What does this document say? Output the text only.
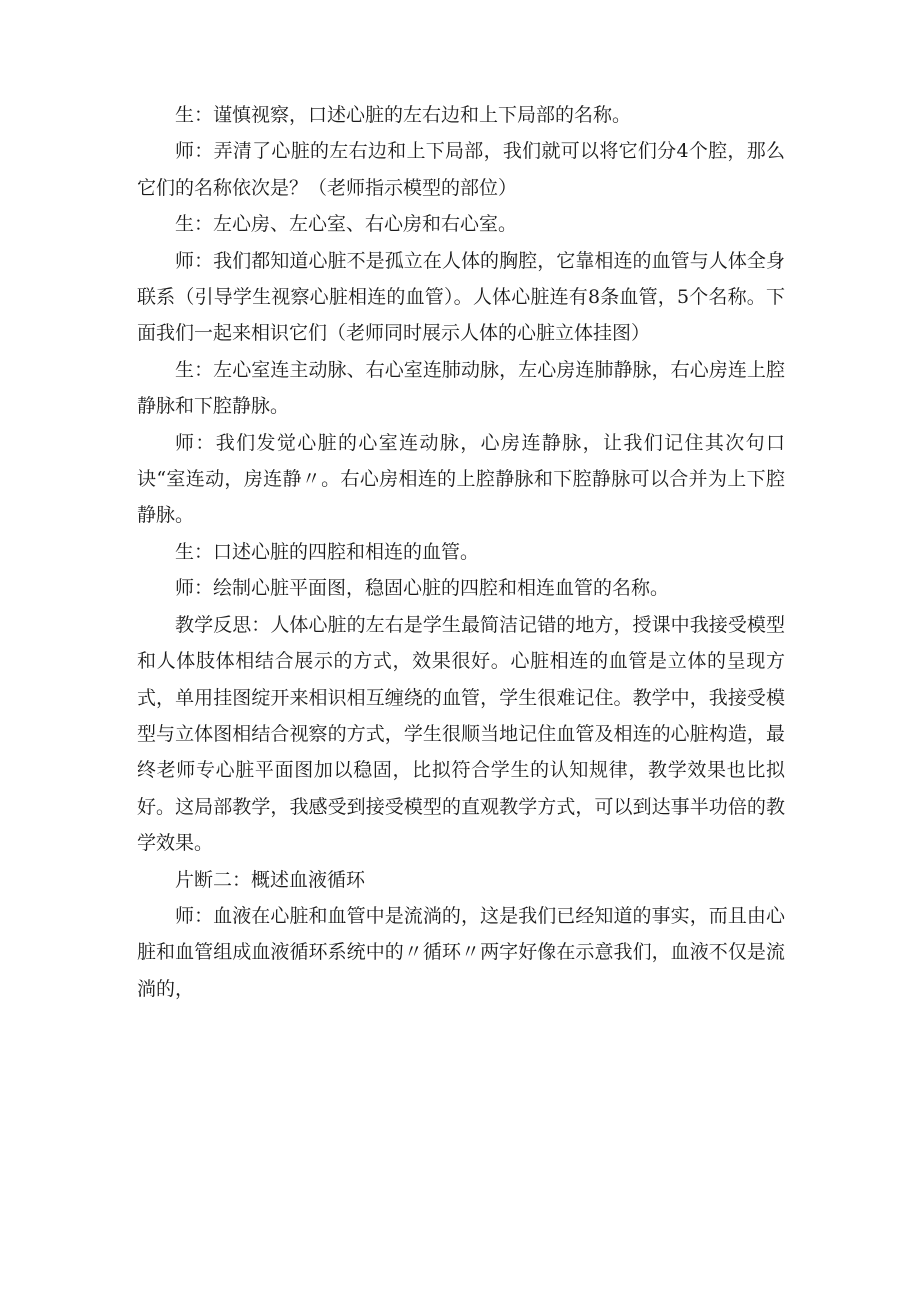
生：谨慎视察，口述心脏的左右边和上下局部的名称。

师：弄清了心脏的左右边和上下局部，我们就可以将它们分4个腔，那么它们的名称依次是？（老师指示模型的部位）

生：左心房、左心室、右心房和右心室。

师：我们都知道心脏不是孤立在人体的胸腔，它靠相连的血管与人体全身联系（引导学生视察心脏相连的血管）。人体心脏连有8条血管，5个名称。下面我们一起来相识它们（老师同时展示人体的心脏立体挂图）

生：左心室连主动脉、右心室连肺动脉，左心房连肺静脉，右心房连上腔静脉和下腔静脉。

师：我们发觉心脏的心室连动脉，心房连静脉，让我们记住其次句口诀“室连动，房连静〃。右心房相连的上腔静脉和下腔静脉可以合并为上下腔静脉。

生：口述心脏的四腔和相连的血管。

师：绘制心脏平面图，稳固心脏的四腔和相连血管的名称。

教学反思：人体心脏的左右是学生最简洁记错的地方，授课中我接受模型和人体肢体相结合展示的方式，效果很好。心脏相连的血管是立体的呈现方式，单用挂图绽开来相识相互缠绕的血管，学生很难记住。教学中，我接受模型与立体图相结合视察的方式，学生很顺当地记住血管及相连的心脏构造，最终老师专心脏平面图加以稳固，比拟符合学生的认知规律，教学效果也比拟好。这局部教学，我感受到接受模型的直观教学方式，可以到达事半功倍的教学效果。

片断二：概述血液循环

师：血液在心脏和血管中是流淌的，这是我们已经知道的事实，而且由心脏和血管组成血液循环系统中的〃循环〃两字好像在示意我们，血液不仅是流淌的，
